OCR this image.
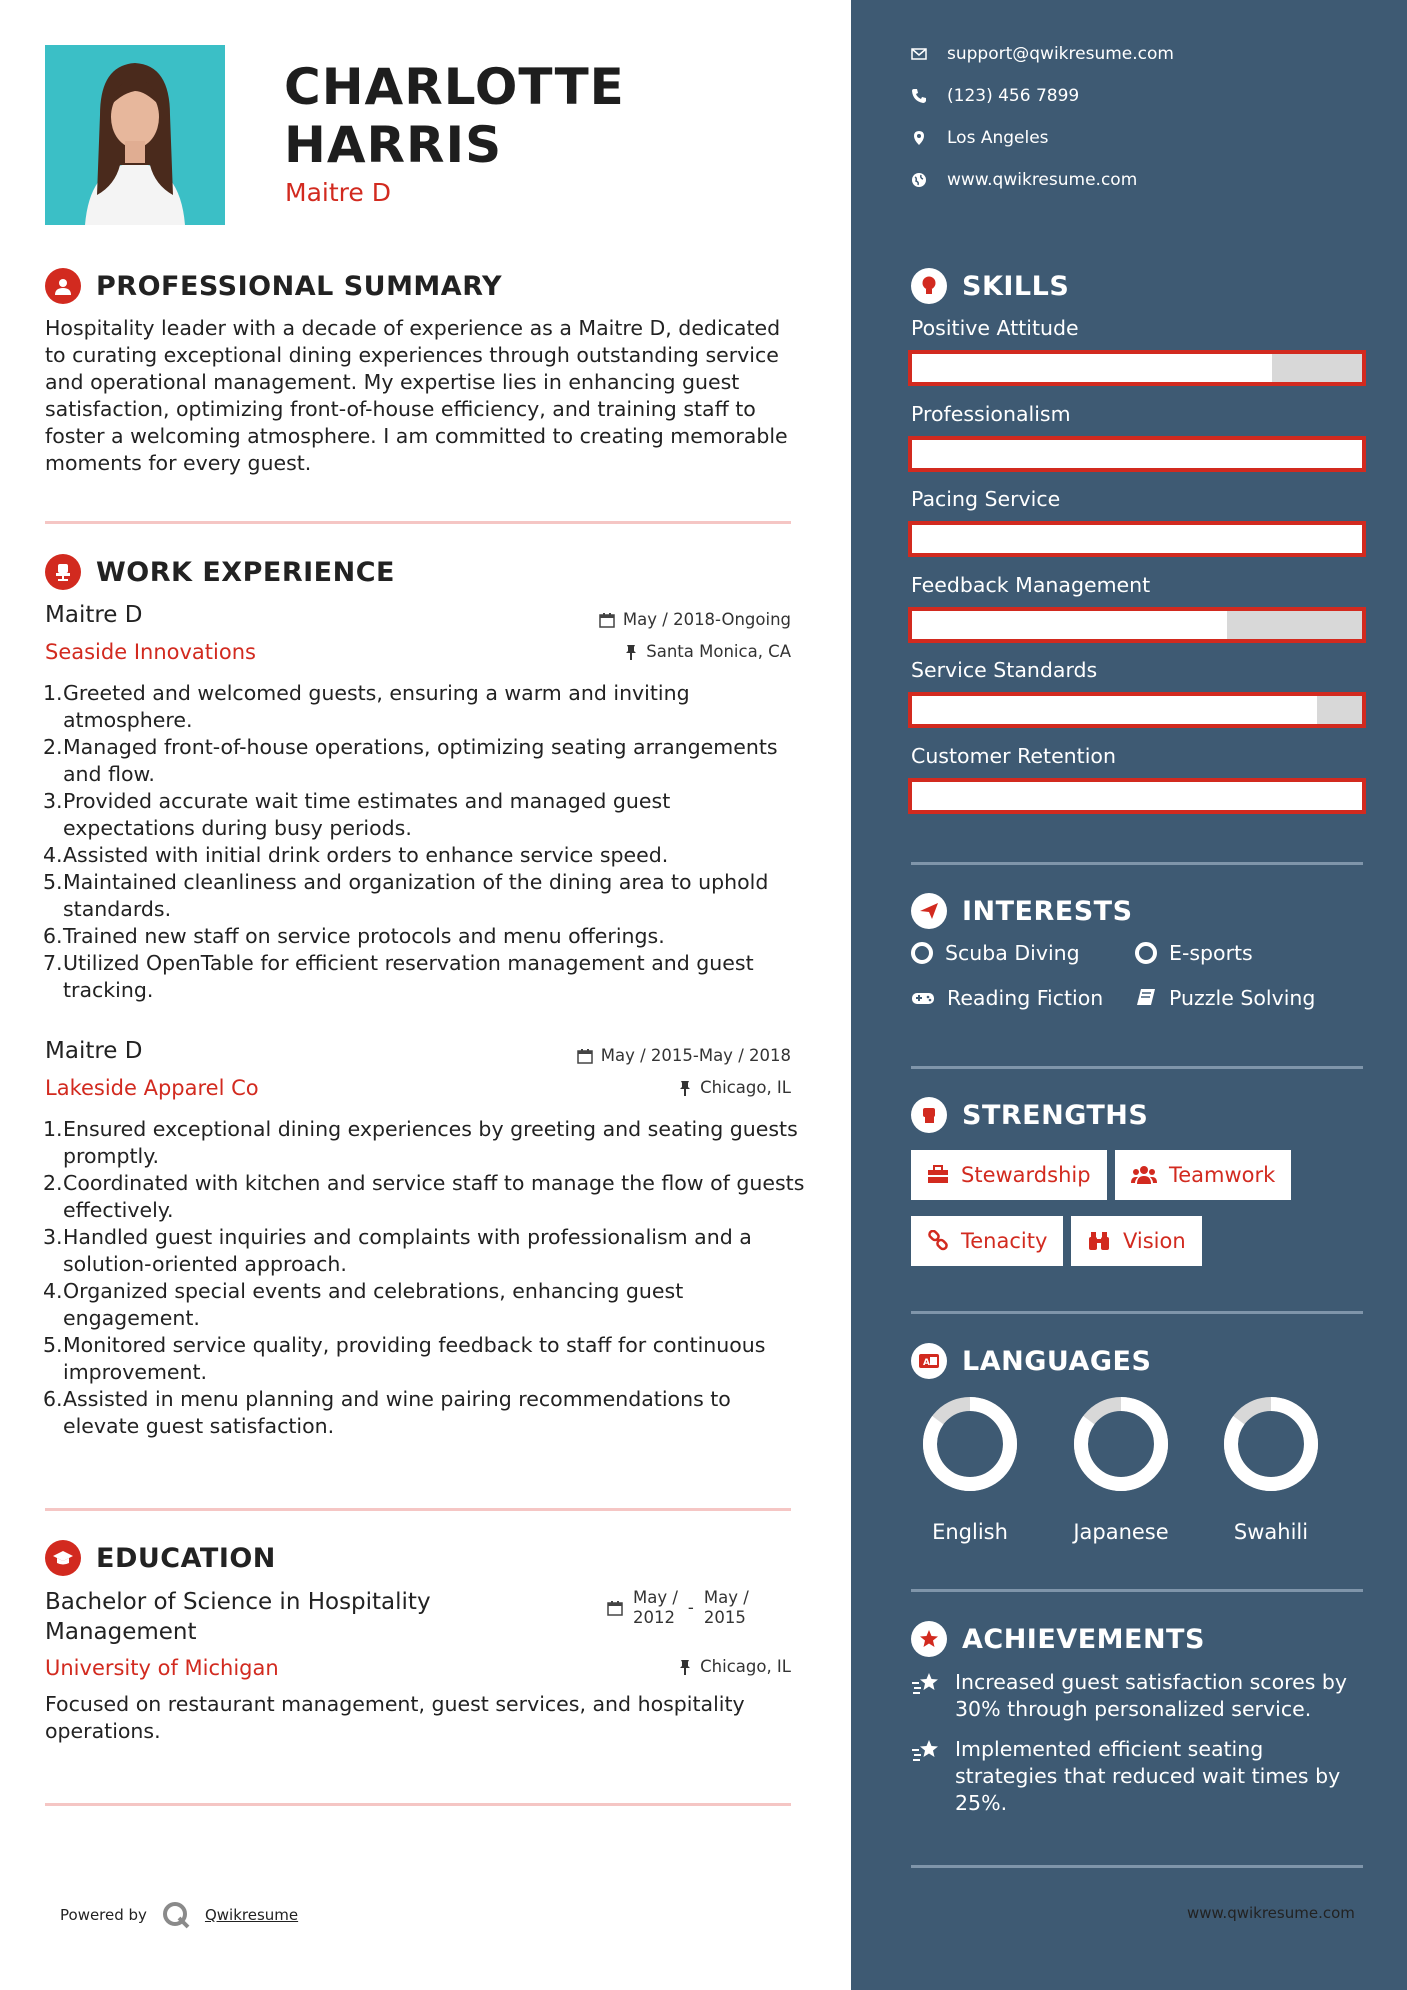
CHARLOTTE
HARRIS
Maitre D
PROFESSIONAL SUMMARY
Hospitality leader with a decade of experience as a Maitre D, dedicated to curating exceptional dining experiences through outstanding service and operational management. My expertise lies in enhancing guest satisfaction, optimizing front-of-house efficiency, and training staff to foster a welcoming atmosphere. I am committed to creating memorable moments for every guest.
WORK EXPERIENCE
Maitre D	May / 2018-Ongoing
Seaside Innovations	Santa Monica, CA
Greeted and welcomed guests, ensuring a warm and inviting atmosphere.
Managed front-of-house operations, optimizing seating arrangements and flow.
Provided accurate wait time estimates and managed guest expectations during busy periods.
Assisted with initial drink orders to enhance service speed.
Maintained cleanliness and organization of the dining area to uphold standards.
Trained new staff on service protocols and menu offerings.
Utilized OpenTable for efficient reservation management and guest tracking.
Maitre D	May / 2015-May / 2018
Lakeside Apparel Co	Chicago, IL
Ensured exceptional dining experiences by greeting and seating guests promptly.
Coordinated with kitchen and service staff to manage the flow of guests effectively.
Handled guest inquiries and complaints with professionalism and a solution-oriented approach.
Organized special events and celebrations, enhancing guest engagement.
Monitored service quality, providing feedback to staff for continuous improvement.
Assisted in menu planning and wine pairing recommendations to elevate guest satisfaction.
EDUCATION
Bachelor of Science in Hospitality
Management
May /
2012
-
May /
2015
University of Michigan	Chicago, IL
Focused on restaurant management, guest services, and hospitality operations.
Powered by	Qwikresume
support@qwikresume.com
(123) 456 7899
Los Angeles
www.qwikresume.com
SKILLS
Positive Attitude
Professionalism
Pacing Service
Feedback Management
Service Standards
Customer Retention
INTERESTS
Scuba Diving	E-sports
Reading Fiction	Puzzle Solving
STRENGTHS
Stewardship	Teamwork
Tenacity	Vision
A LANGUAGES
English	Japanese	Swahili
ACHIEVEMENTS
Increased guest satisfaction scores by 30% through personalized service.
Implemented efficient seating strategies that reduced wait times by 25%.
www.qwikresume.com
